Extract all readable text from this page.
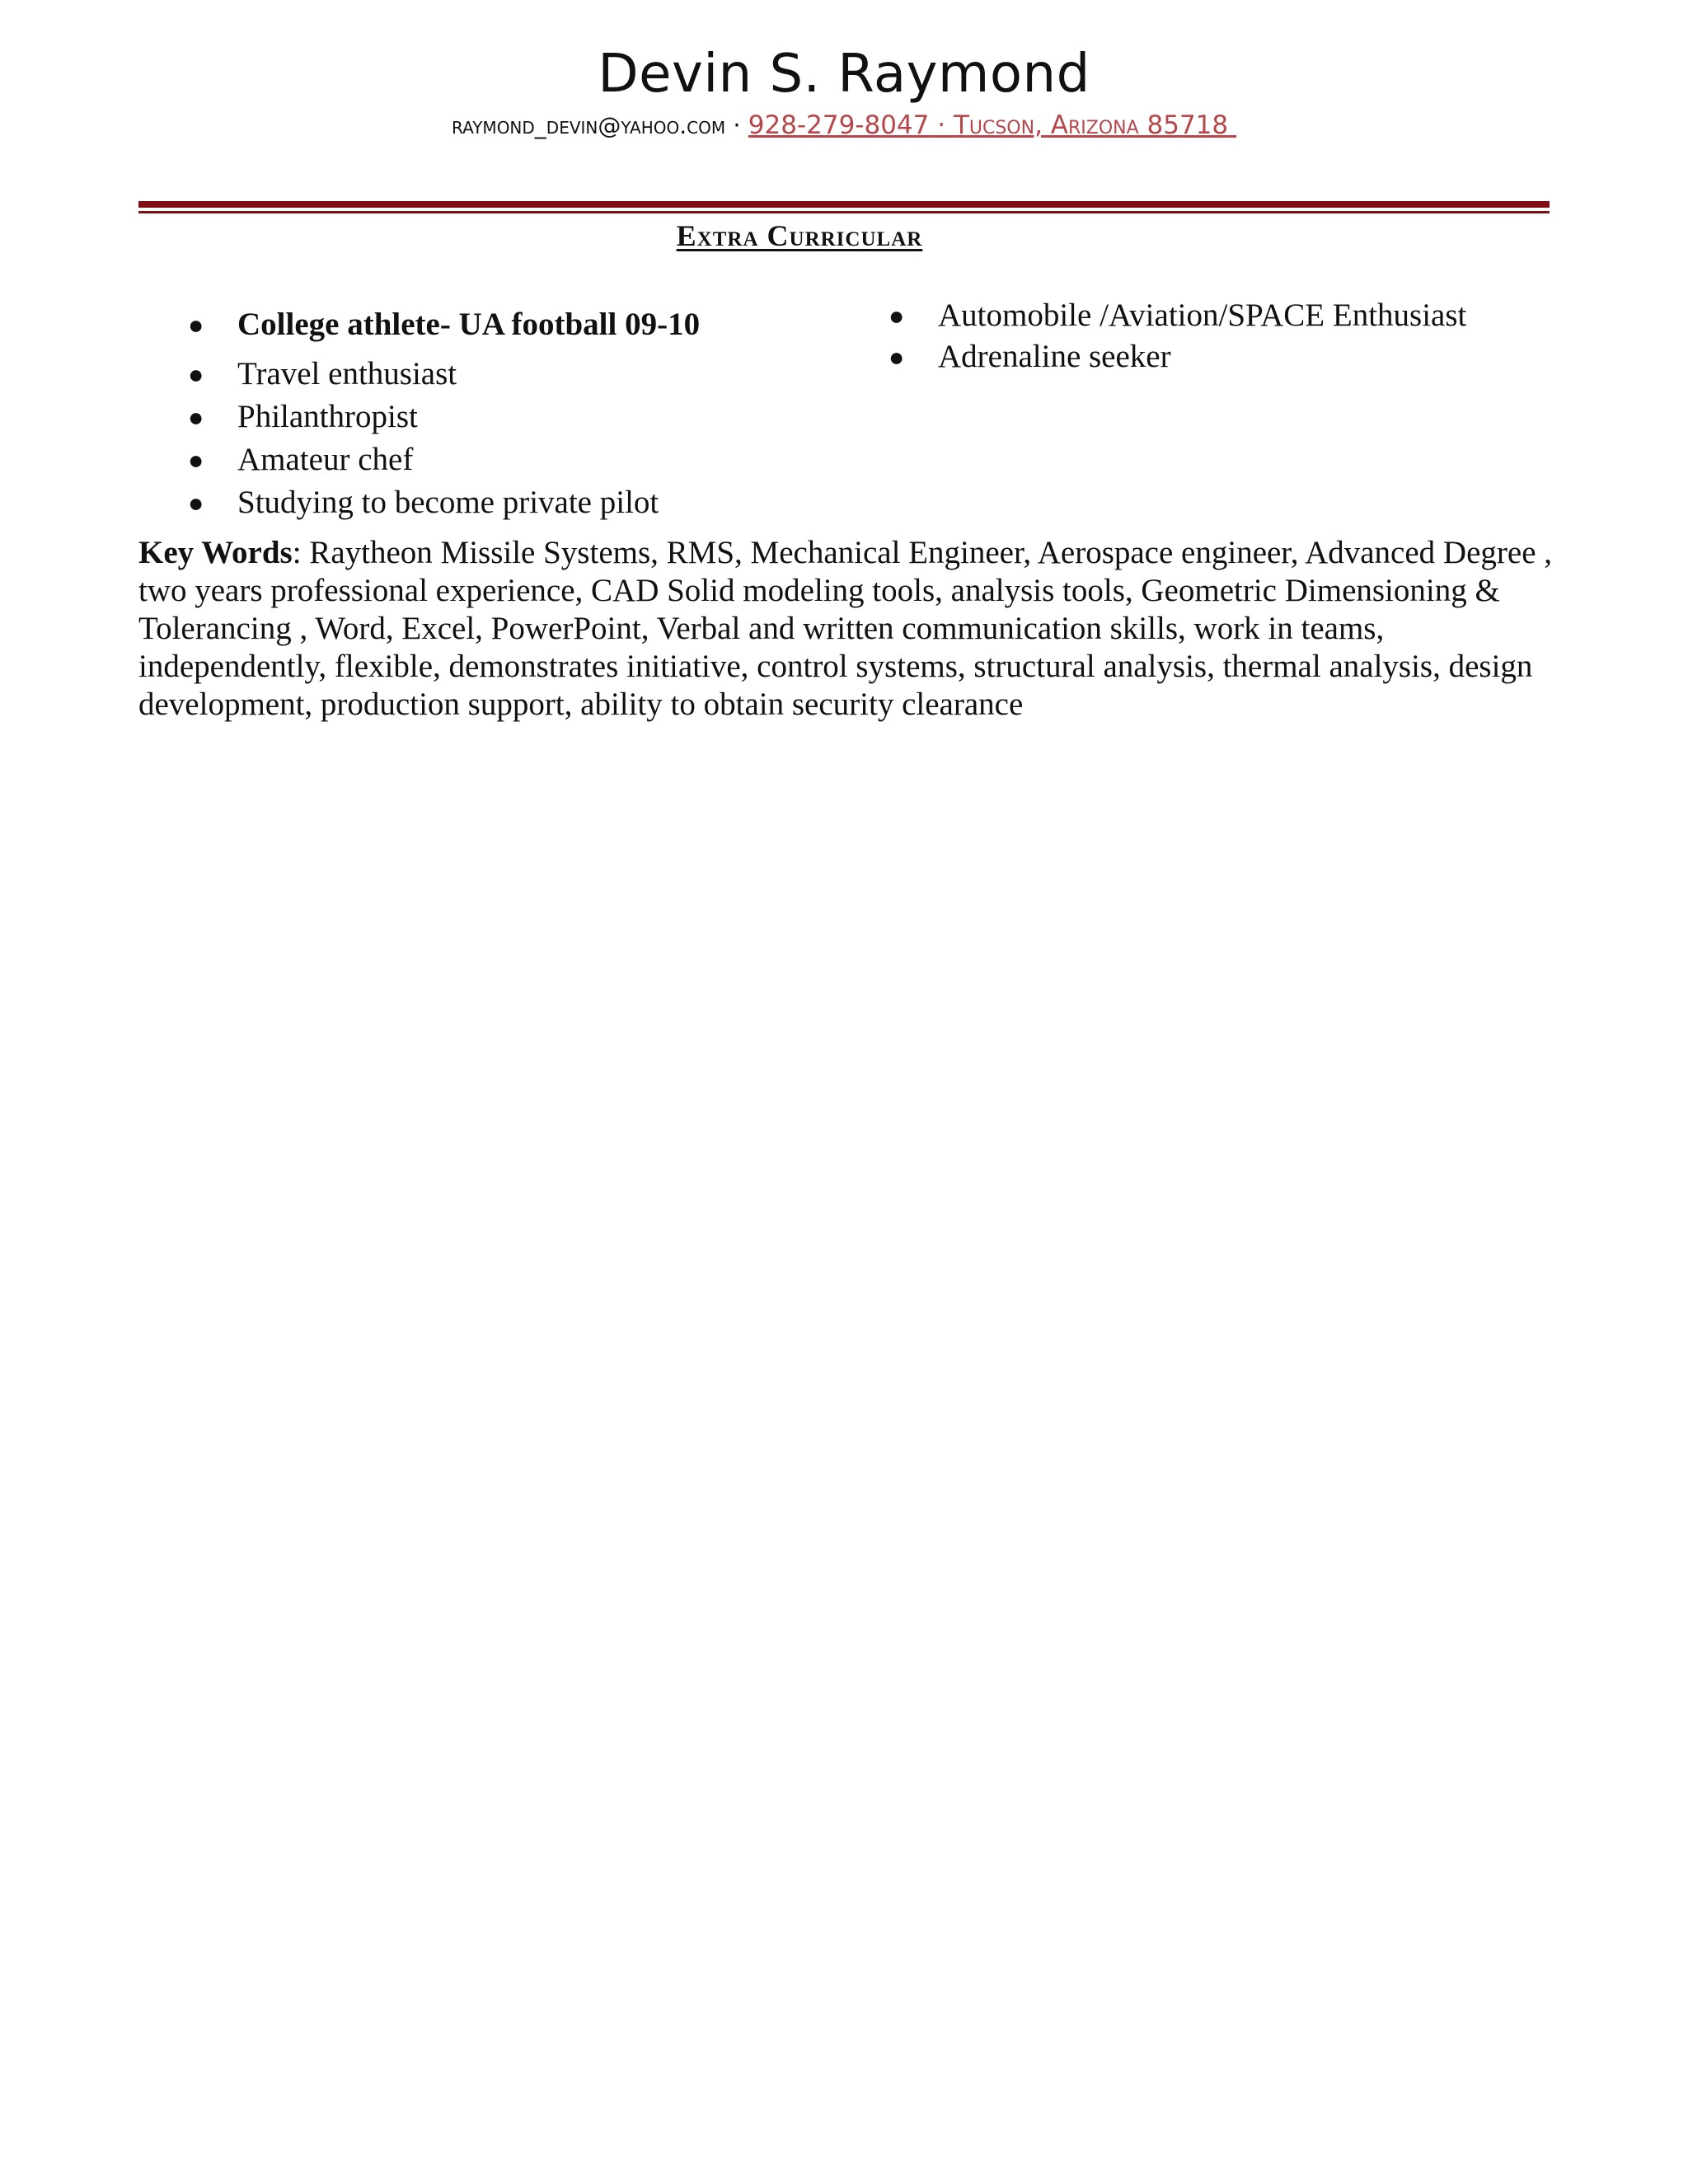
Devin S. Raymond
raymond_devin@yahoo.com · 928-279-8047 · Tucson, Arizona 85718
Extra Curricular
● College athlete- UA football 09-10
● Travel enthusiast
● Philanthropist
● Amateur chef
● Studying to become private pilot
● Automobile /Aviation/SPACE Enthusiast
● Adrenaline seeker
Key Words: Raytheon Missile Systems, RMS, Mechanical Engineer, Aerospace engineer, Advanced Degree , two years professional experience, CAD Solid modeling tools, analysis tools, Geometric Dimensioning & Tolerancing , Word, Excel, PowerPoint, Verbal and written communication skills, work in teams, independently, flexible, demonstrates initiative, control systems, structural analysis, thermal analysis, design development, production support, ability to obtain security clearance
